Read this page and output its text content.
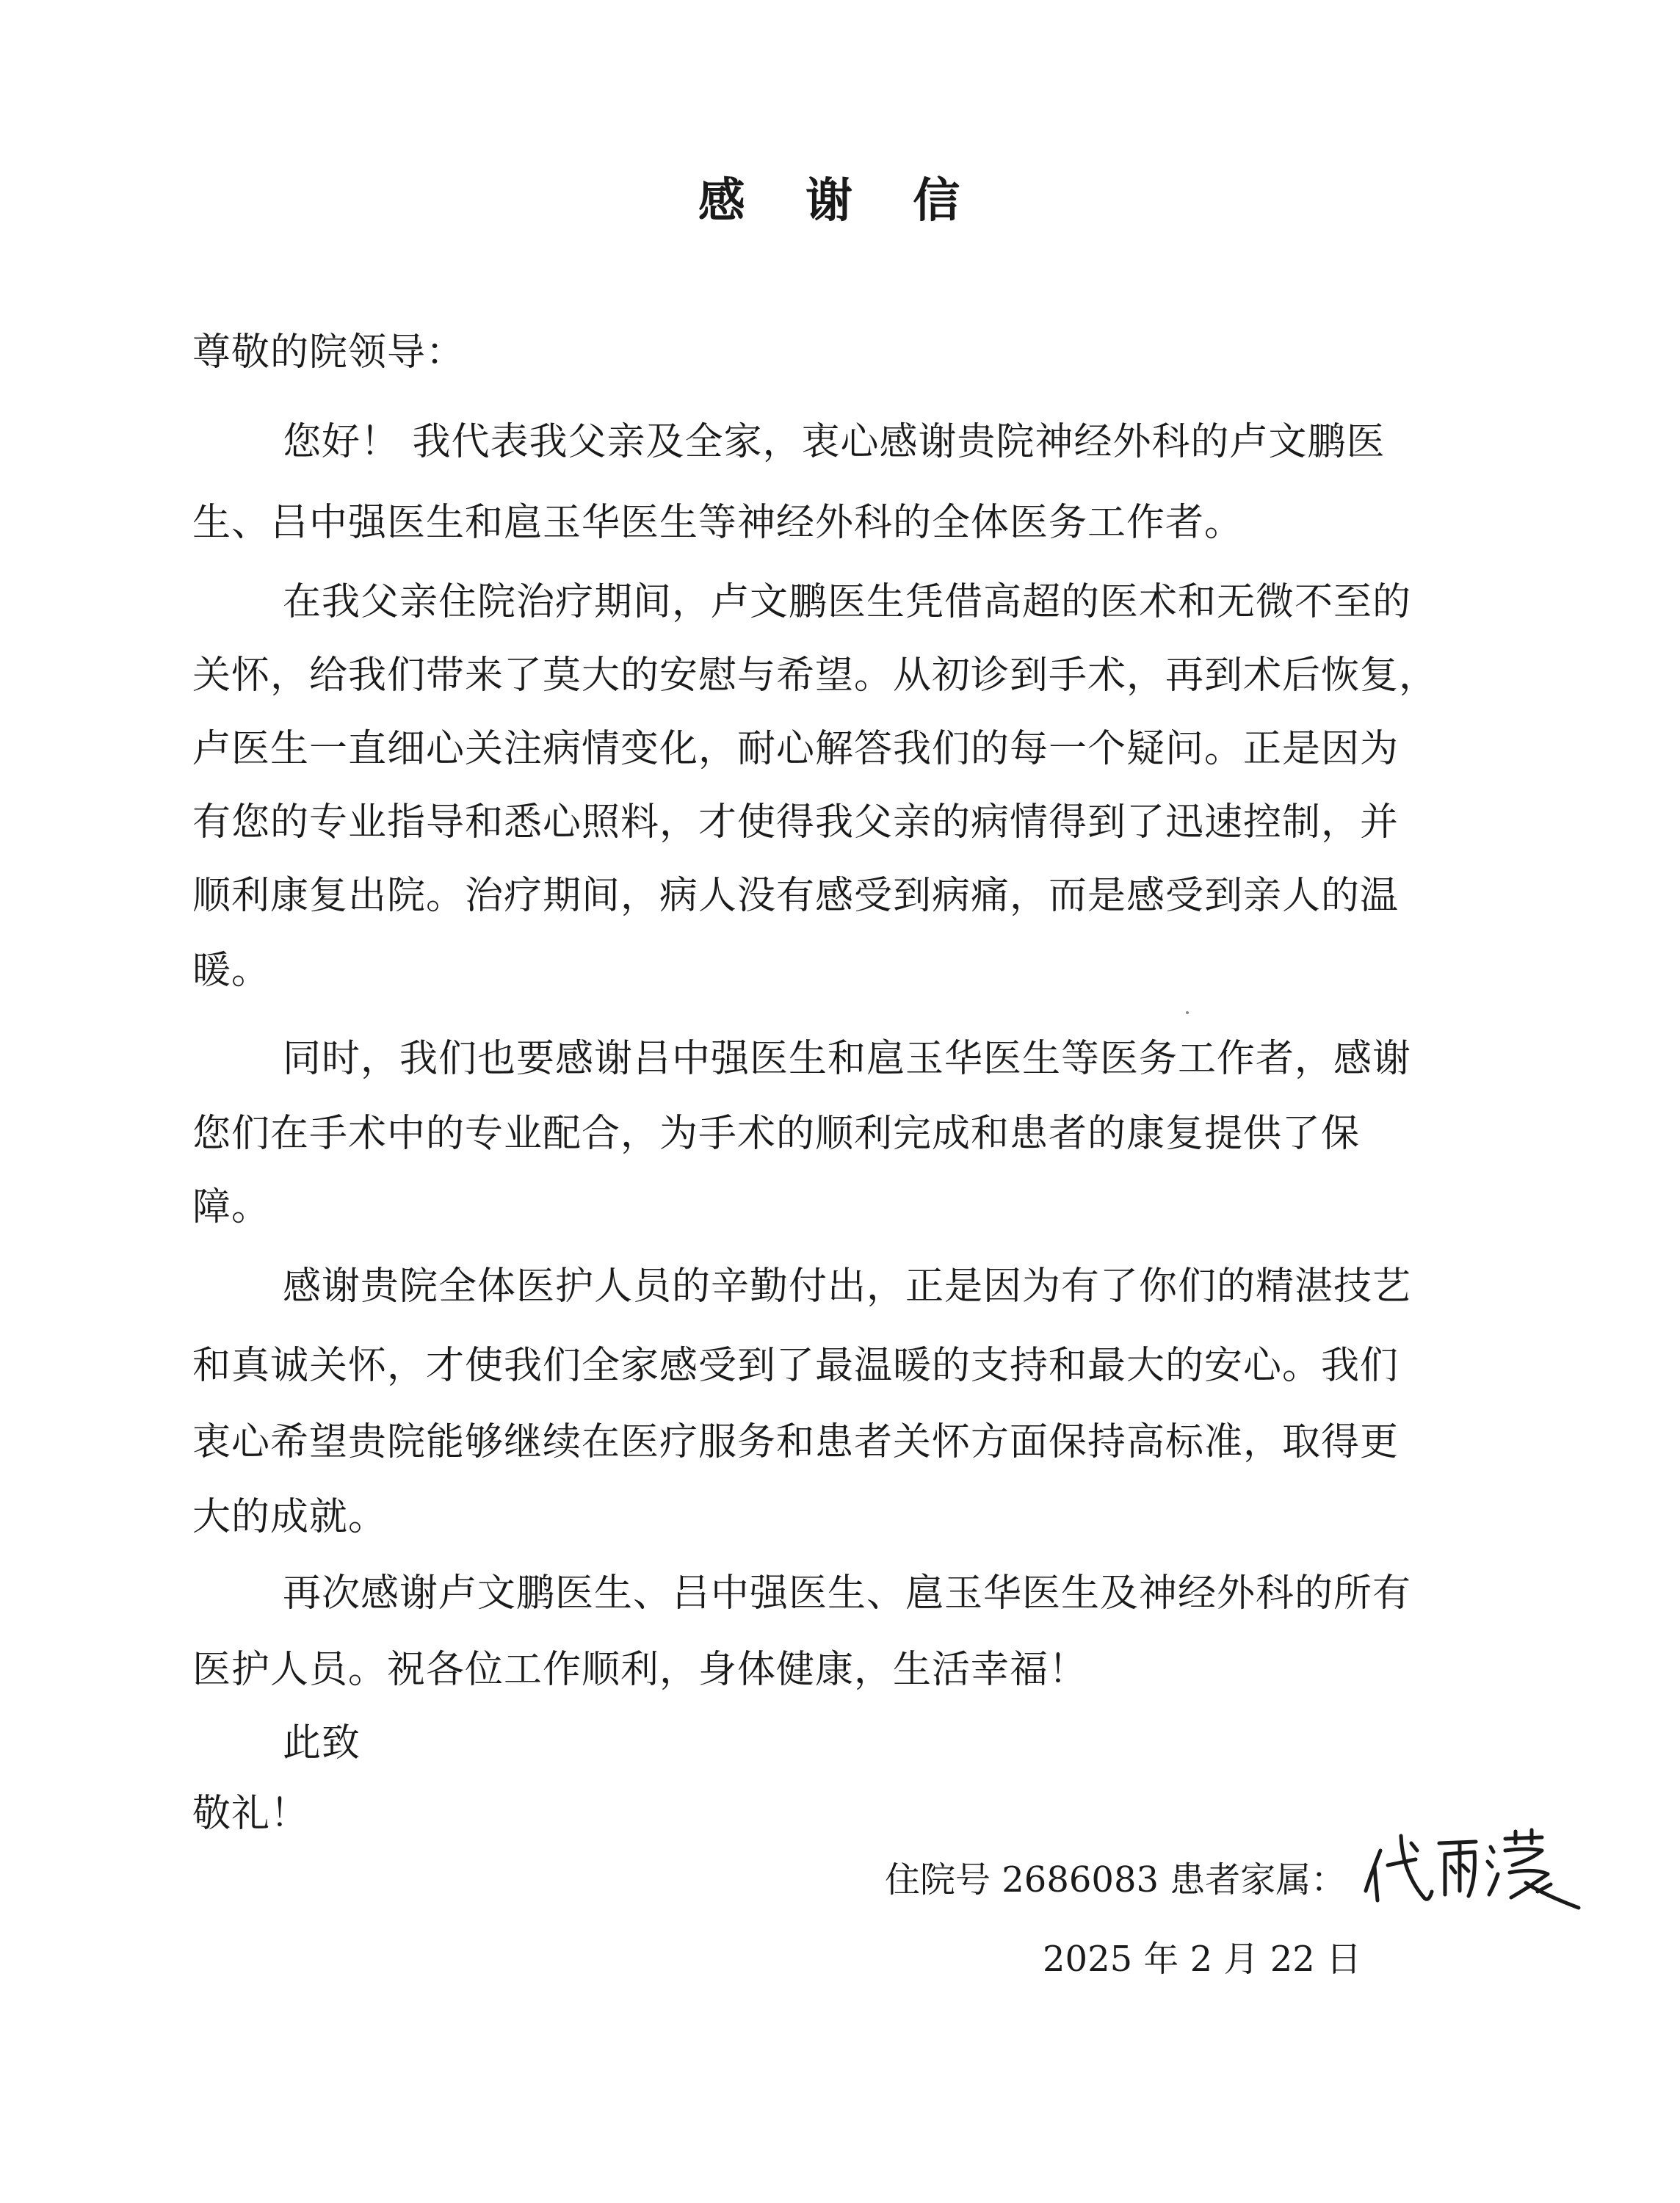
感 谢 信
尊敬的院领导：
您好！ 我代表我父亲及全家，衷心感谢贵院神经外科的卢文鹏医
生、吕中强医生和扈玉华医生等神经外科的全体医务工作者。
在我父亲住院治疗期间，卢文鹏医生凭借高超的医术和无微不至的
关怀，给我们带来了莫大的安慰与希望。从初诊到手术，再到术后恢复，
卢医生一直细心关注病情变化，耐心解答我们的每一个疑问。正是因为
有您的专业指导和悉心照料，才使得我父亲的病情得到了迅速控制，并
顺利康复出院。治疗期间，病人没有感受到病痛，而是感受到亲人的温
暖。
同时，我们也要感谢吕中强医生和扈玉华医生等医务工作者，感谢
您们在手术中的专业配合，为手术的顺利完成和患者的康复提供了保
障。
感谢贵院全体医护人员的辛勤付出，正是因为有了你们的精湛技艺
和真诚关怀，才使我们全家感受到了最温暖的支持和最大的安心。我们
衷心希望贵院能够继续在医疗服务和患者关怀方面保持高标准，取得更
大的成就。
再次感谢卢文鹏医生、吕中强医生、扈玉华医生及神经外科的所有
医护人员。祝各位工作顺利，身体健康，生活幸福！
此致
敬礼！
住院号 2686083 患者家属：
2025 年 2 月 22 日
